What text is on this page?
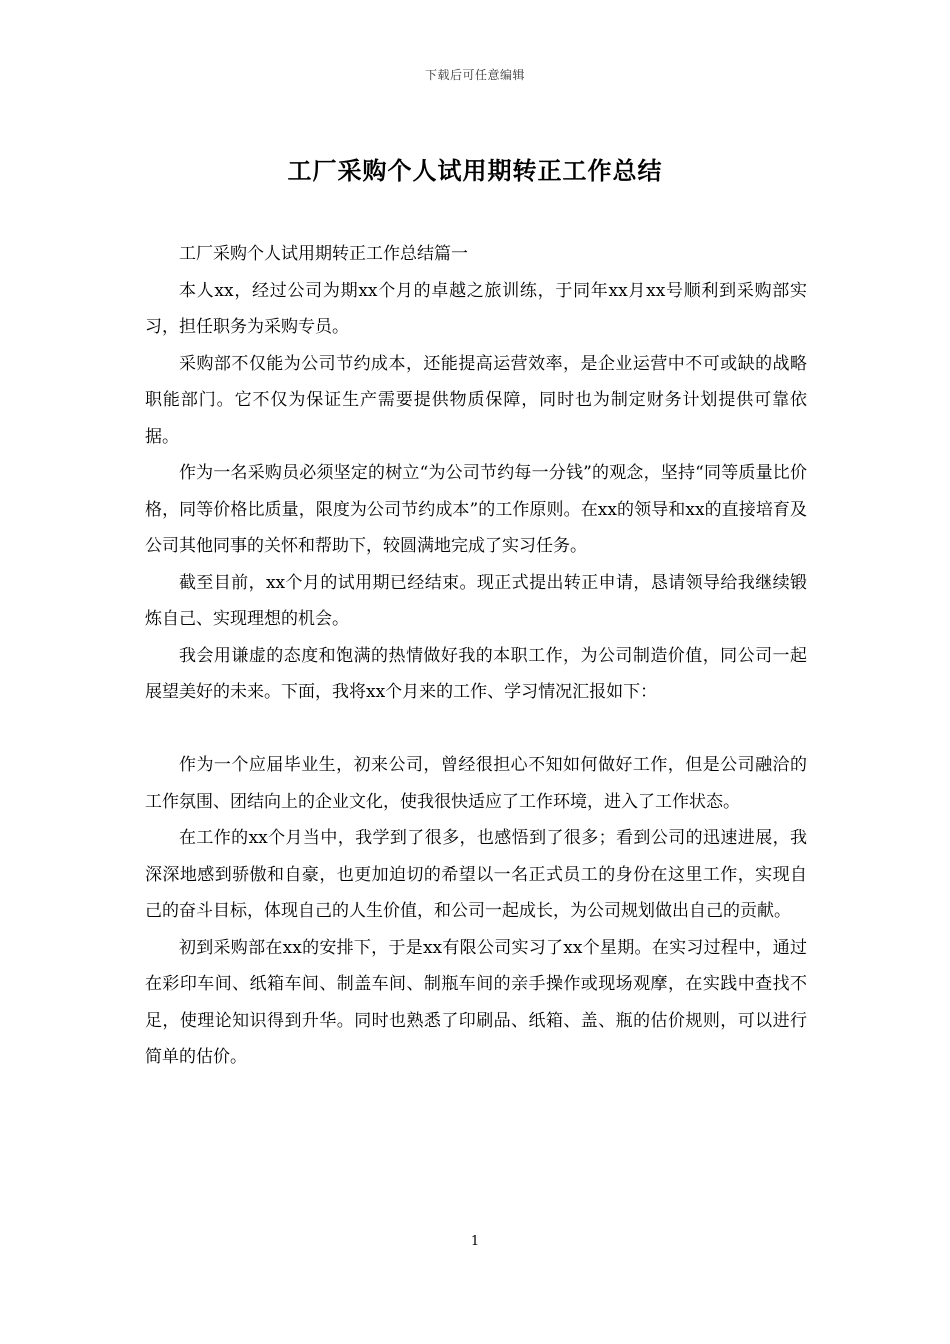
下载后可任意编辑
工厂采购个人试用期转正工作总结

工厂采购个人试用期转正工作总结篇一

本人xx，经过公司为期xx个月的卓越之旅训练，于同年xx月xx号顺利到采购部实习，担任职务为采购专员。

采购部不仅能为公司节约成本，还能提高运营效率，是企业运营中不可或缺的战略职能部门。它不仅为保证生产需要提供物质保障，同时也为制定财务计划提供可靠依据。

作为一名采购员必须坚定的树立“为公司节约每一分钱”的观念，坚持“同等质量比价格，同等价格比质量，限度为公司节约成本”的工作原则。在xx的领导和xx的直接培育及公司其他同事的关怀和帮助下，较圆满地完成了实习任务。

截至目前，xx个月的试用期已经结束。现正式提出转正申请，恳请领导给我继续锻炼自己、实现理想的机会。

我会用谦虚的态度和饱满的热情做好我的本职工作，为公司制造价值，同公司一起展望美好的未来。下面，我将xx个月来的工作、学习情况汇报如下：

作为一个应届毕业生，初来公司，曾经很担心不知如何做好工作，但是公司融洽的工作氛围、团结向上的企业文化，使我很快适应了工作环境，进入了工作状态。

在工作的xx个月当中，我学到了很多，也感悟到了很多；看到公司的迅速进展，我深深地感到骄傲和自豪，也更加迫切的希望以一名正式员工的身份在这里工作，实现自己的奋斗目标，体现自己的人生价值，和公司一起成长，为公司规划做出自己的贡献。

初到采购部在xx的安排下，于是xx有限公司实习了xx个星期。在实习过程中，通过在彩印车间、纸箱车间、制盖车间、制瓶车间的亲手操作或现场观摩，在实践中查找不足，使理论知识得到升华。同时也熟悉了印刷品、纸箱、盖、瓶的估价规则，可以进行简单的估价。

1
